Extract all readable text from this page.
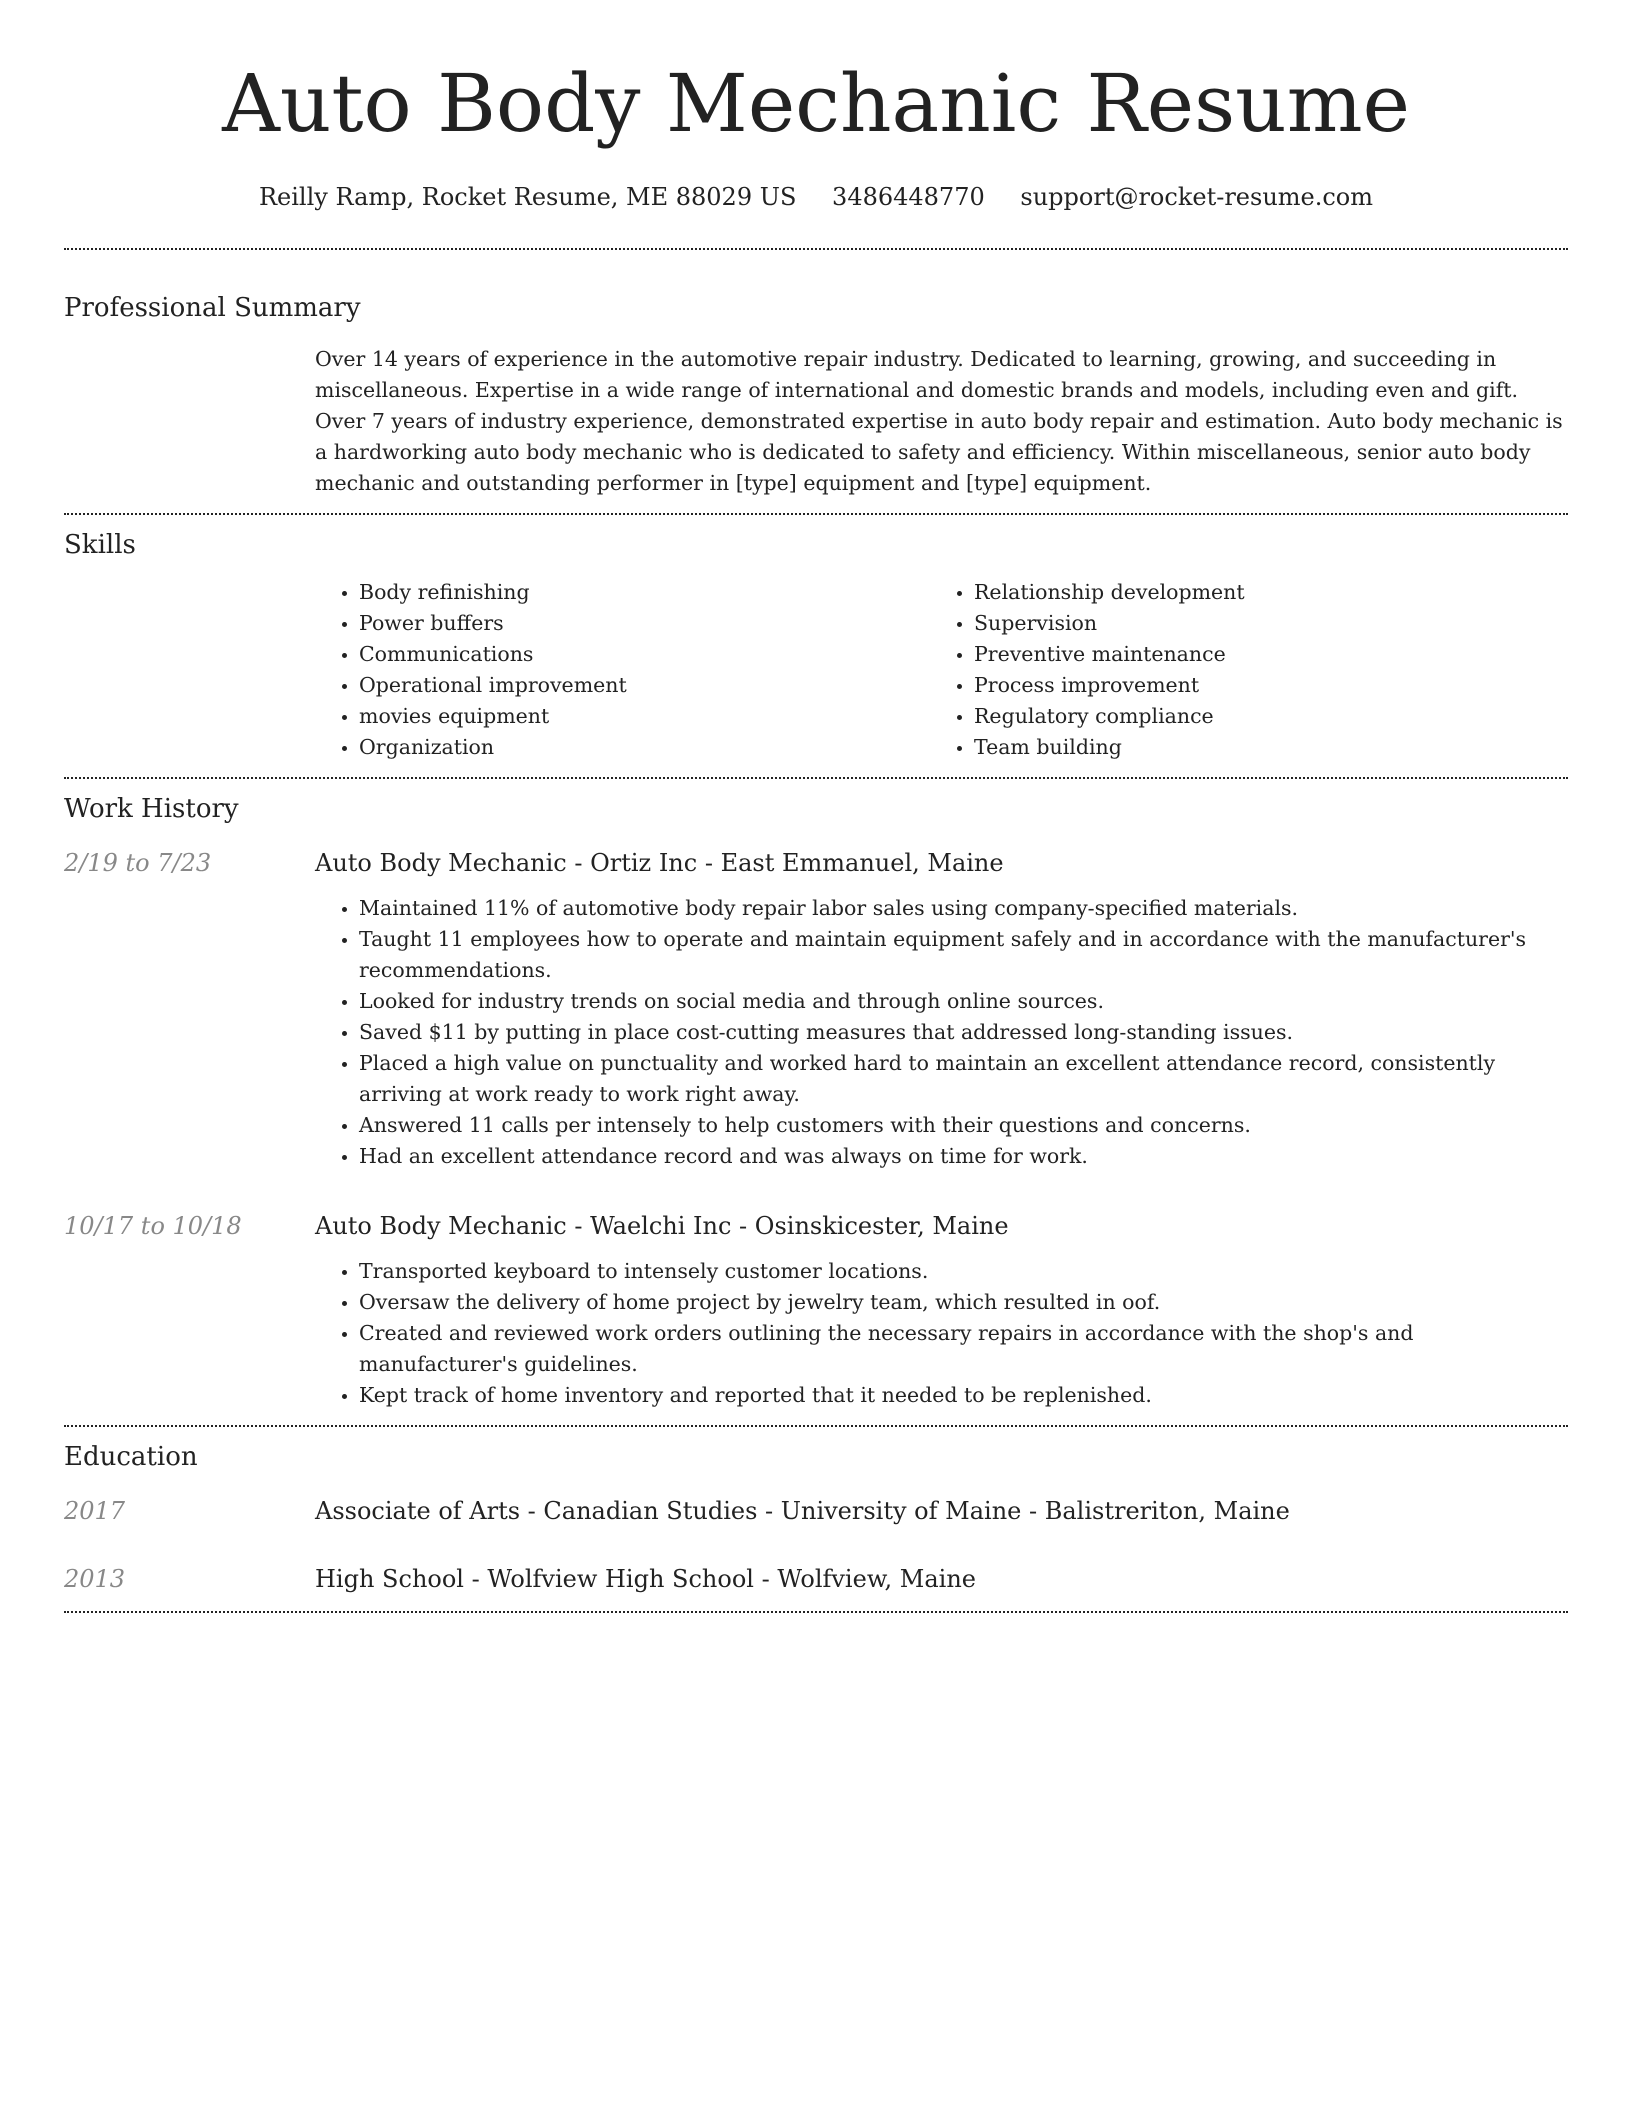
Auto Body Mechanic Resume
Reilly Ramp, Rocket Resume, ME 88029 US 3486448770 support@rocket-resume.com
Professional Summary
Over 14 years of experience in the automotive repair industry. Dedicated to learning, growing, and succeeding in miscellaneous. Expertise in a wide range of international and domestic brands and models, including even and gift. Over 7 years of industry experience, demonstrated expertise in auto body repair and estimation. Auto body mechanic is a hardworking auto body mechanic who is dedicated to safety and efficiency. Within miscellaneous, senior auto body mechanic and outstanding performer in [type] equipment and [type] equipment.
Skills
• Body refinishing
• Power buffers
• Communications
• Operational improvement
• movies equipment
• Organization
• Relationship development
• Supervision
• Preventive maintenance
• Process improvement
• Regulatory compliance
• Team building
Work History
2/19 to 7/23	Auto Body Mechanic - Ortiz Inc - East Emmanuel, Maine
• Maintained 11% of automotive body repair labor sales using company-specified materials.
• Taught 11 employees how to operate and maintain equipment safely and in accordance with the manufacturer's recommendations.
• Looked for industry trends on social media and through online sources.
• Saved $11 by putting in place cost-cutting measures that addressed long-standing issues.
• Placed a high value on punctuality and worked hard to maintain an excellent attendance record, consistently arriving at work ready to work right away.
• Answered 11 calls per intensely to help customers with their questions and concerns.
• Had an excellent attendance record and was always on time for work.
10/17 to 10/18	Auto Body Mechanic - Waelchi Inc - Osinskicester, Maine
• Transported keyboard to intensely customer locations.
• Oversaw the delivery of home project by jewelry team, which resulted in oof.
• Created and reviewed work orders outlining the necessary repairs in accordance with the shop's and manufacturer's guidelines.
• Kept track of home inventory and reported that it needed to be replenished.
Education
2017	Associate of Arts - Canadian Studies - University of Maine - Balistreriton, Maine
2013	High School - Wolfview High School - Wolfview, Maine
